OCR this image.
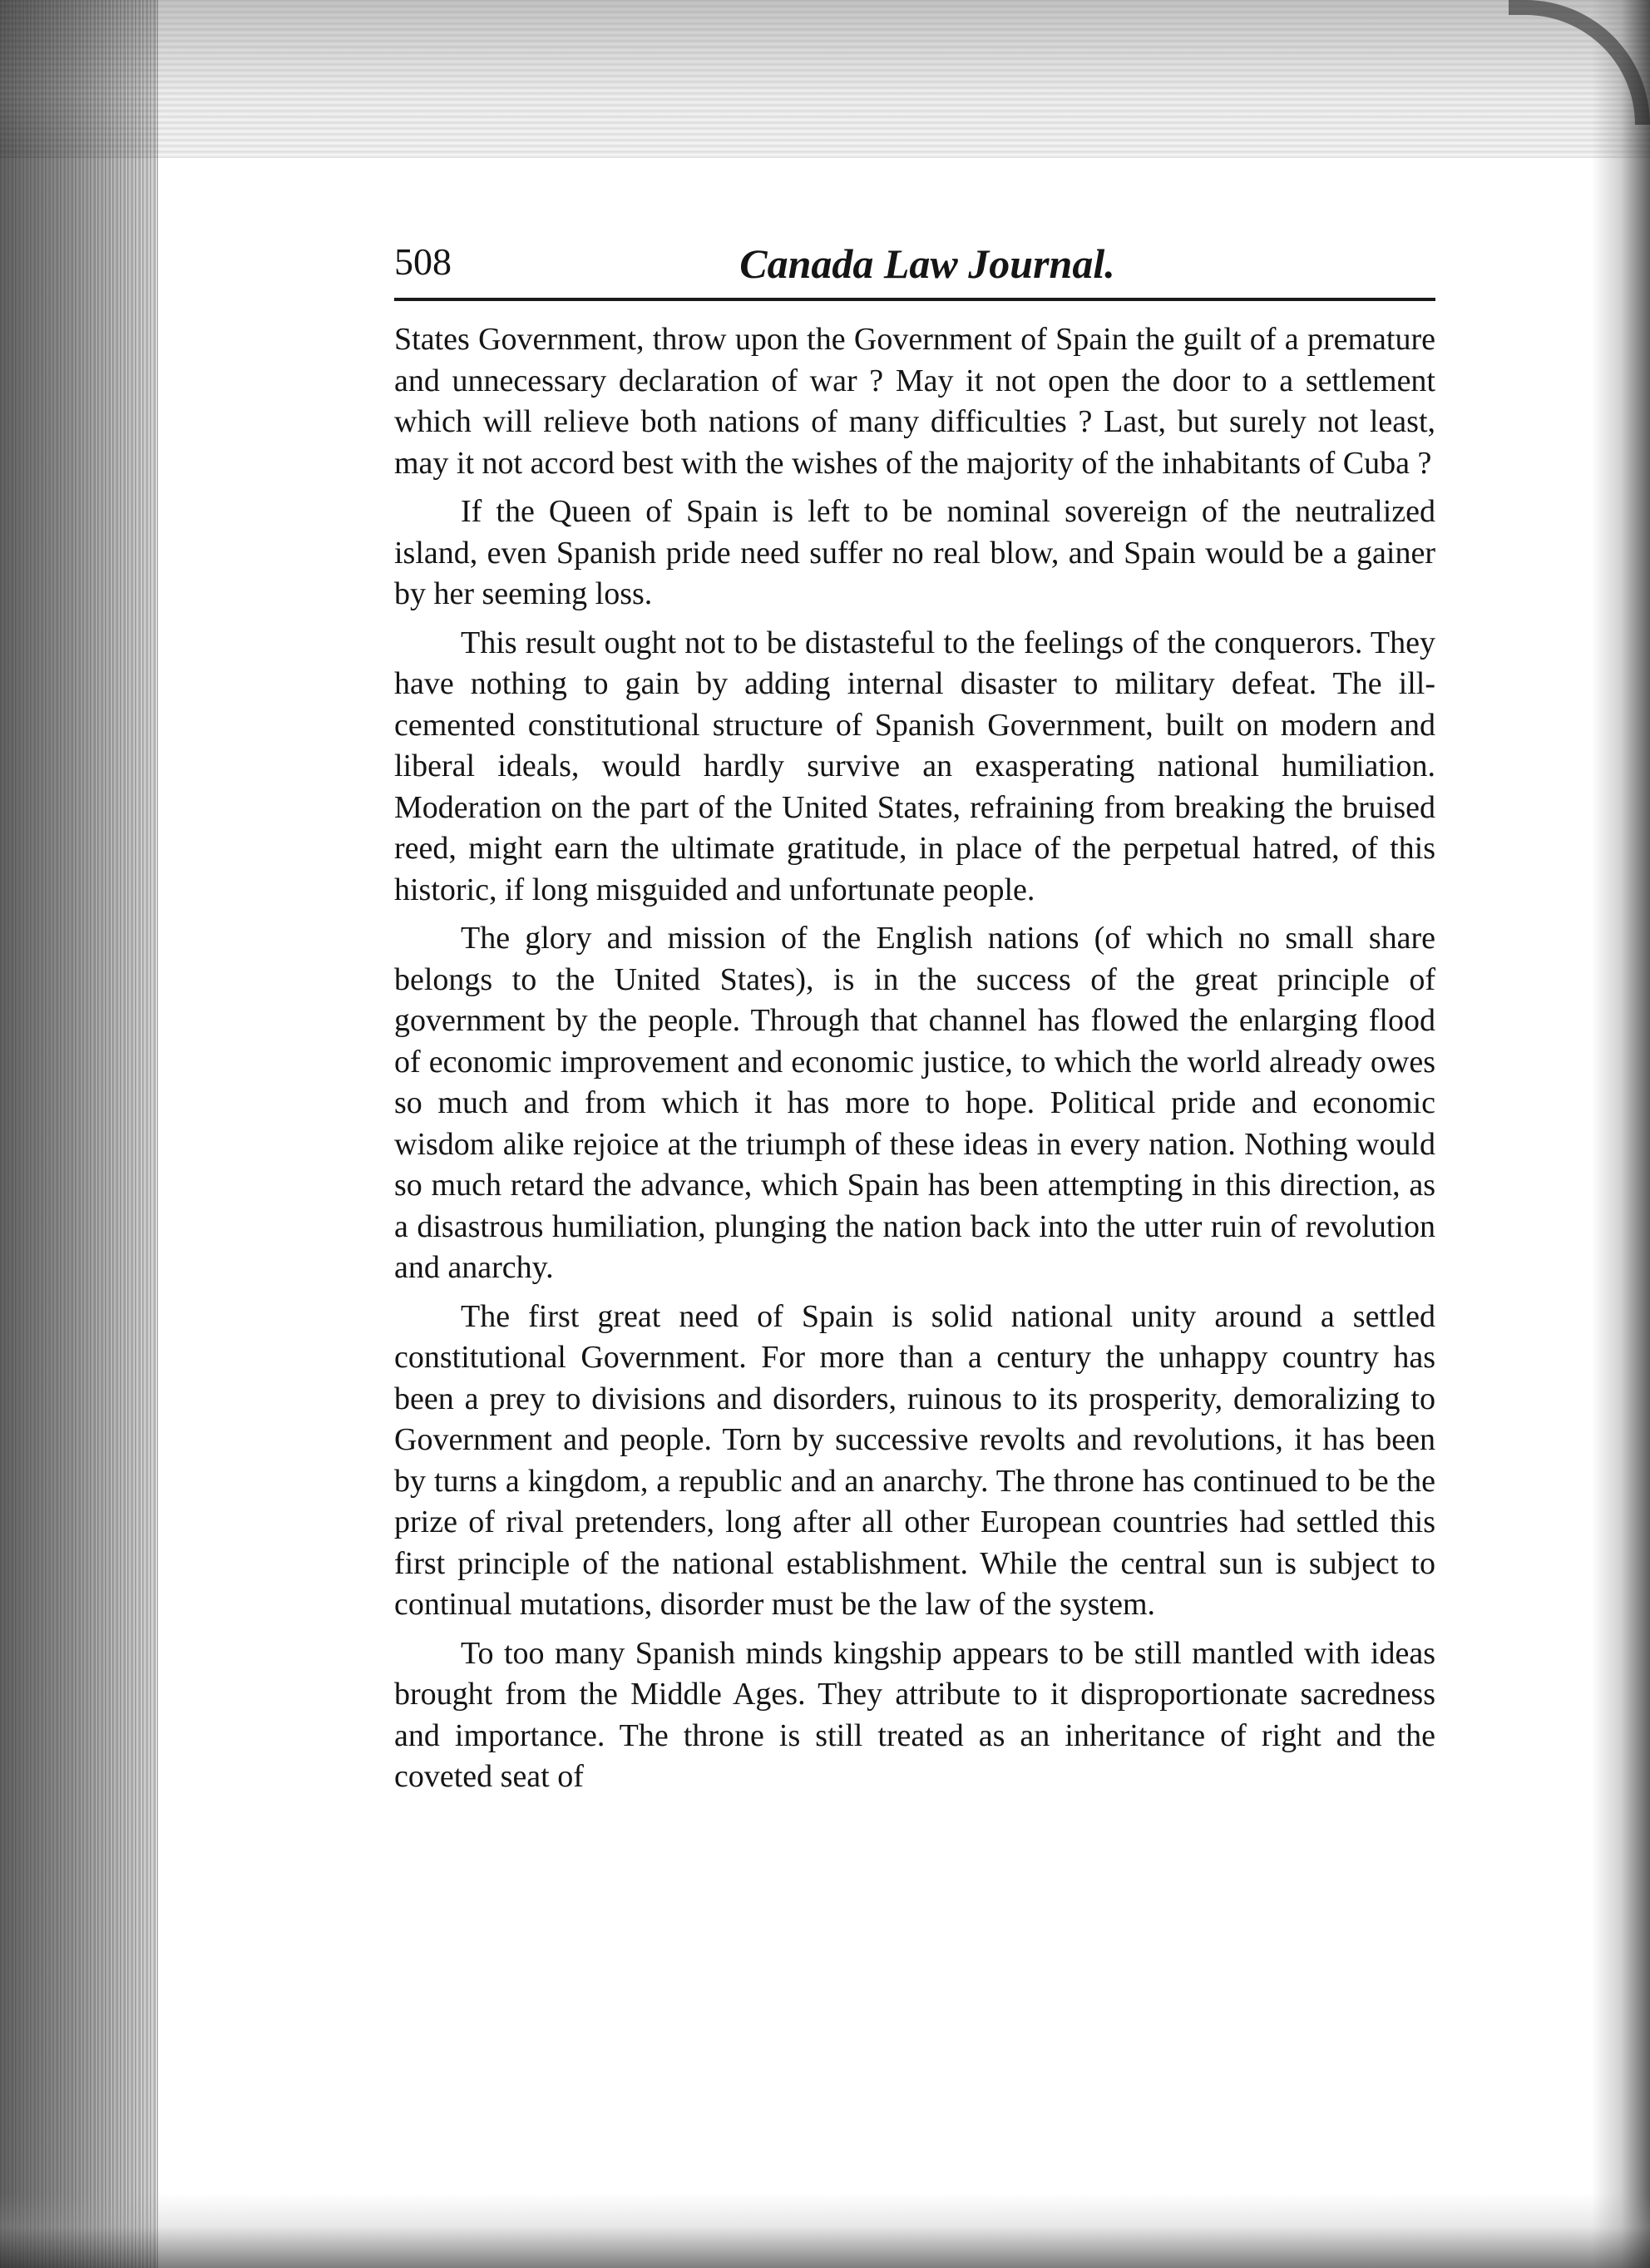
508	Canada Law Journal.

States Government, throw upon the Government of Spain the guilt of a premature and unnecessary declaration of war ? May it not open the door to a settlement which will relieve both nations of many difficulties ? Last, but surely not least, may it not accord best with the wishes of the majority of the inhabitants of Cuba ?

If the Queen of Spain is left to be nominal sovereign of the neutralized island, even Spanish pride need suffer no real blow, and Spain would be a gainer by her seeming loss.

This result ought not to be distasteful to the feelings of the conquerors. They have nothing to gain by adding internal disaster to military defeat. The ill-cemented constitutional structure of Spanish Government, built on modern and liberal ideals, would hardly survive an exasperating national humiliation. Moderation on the part of the United States, refraining from breaking the bruised reed, might earn the ultimate gratitude, in place of the perpetual hatred, of this historic, if long misguided and unfortunate people.

The glory and mission of the English nations (of which no small share belongs to the United States), is in the success of the great principle of government by the people. Through that channel has flowed the enlarging flood of economic improvement and economic justice, to which the world already owes so much and from which it has more to hope. Political pride and economic wisdom alike rejoice at the triumph of these ideas in every nation. Nothing would so much retard the advance, which Spain has been attempting in this direction, as a disastrous humiliation, plunging the nation back into the utter ruin of revolution and anarchy.

The first great need of Spain is solid national unity around a settled constitutional Government. For more than a century the unhappy country has been a prey to divisions and disorders, ruinous to its prosperity, demoralizing to Government and people. Torn by successive revolts and revolutions, it has been by turns a kingdom, a republic and an anarchy. The throne has continued to be the prize of rival pretenders, long after all other European countries had settled this first principle of the national establishment. While the central sun is subject to continual mutations, disorder must be the law of the system.

To too many Spanish minds kingship appears to be still mantled with ideas brought from the Middle Ages. They attribute to it disproportionate sacredness and importance. The throne is still treated as an inheritance of right and the coveted seat of
